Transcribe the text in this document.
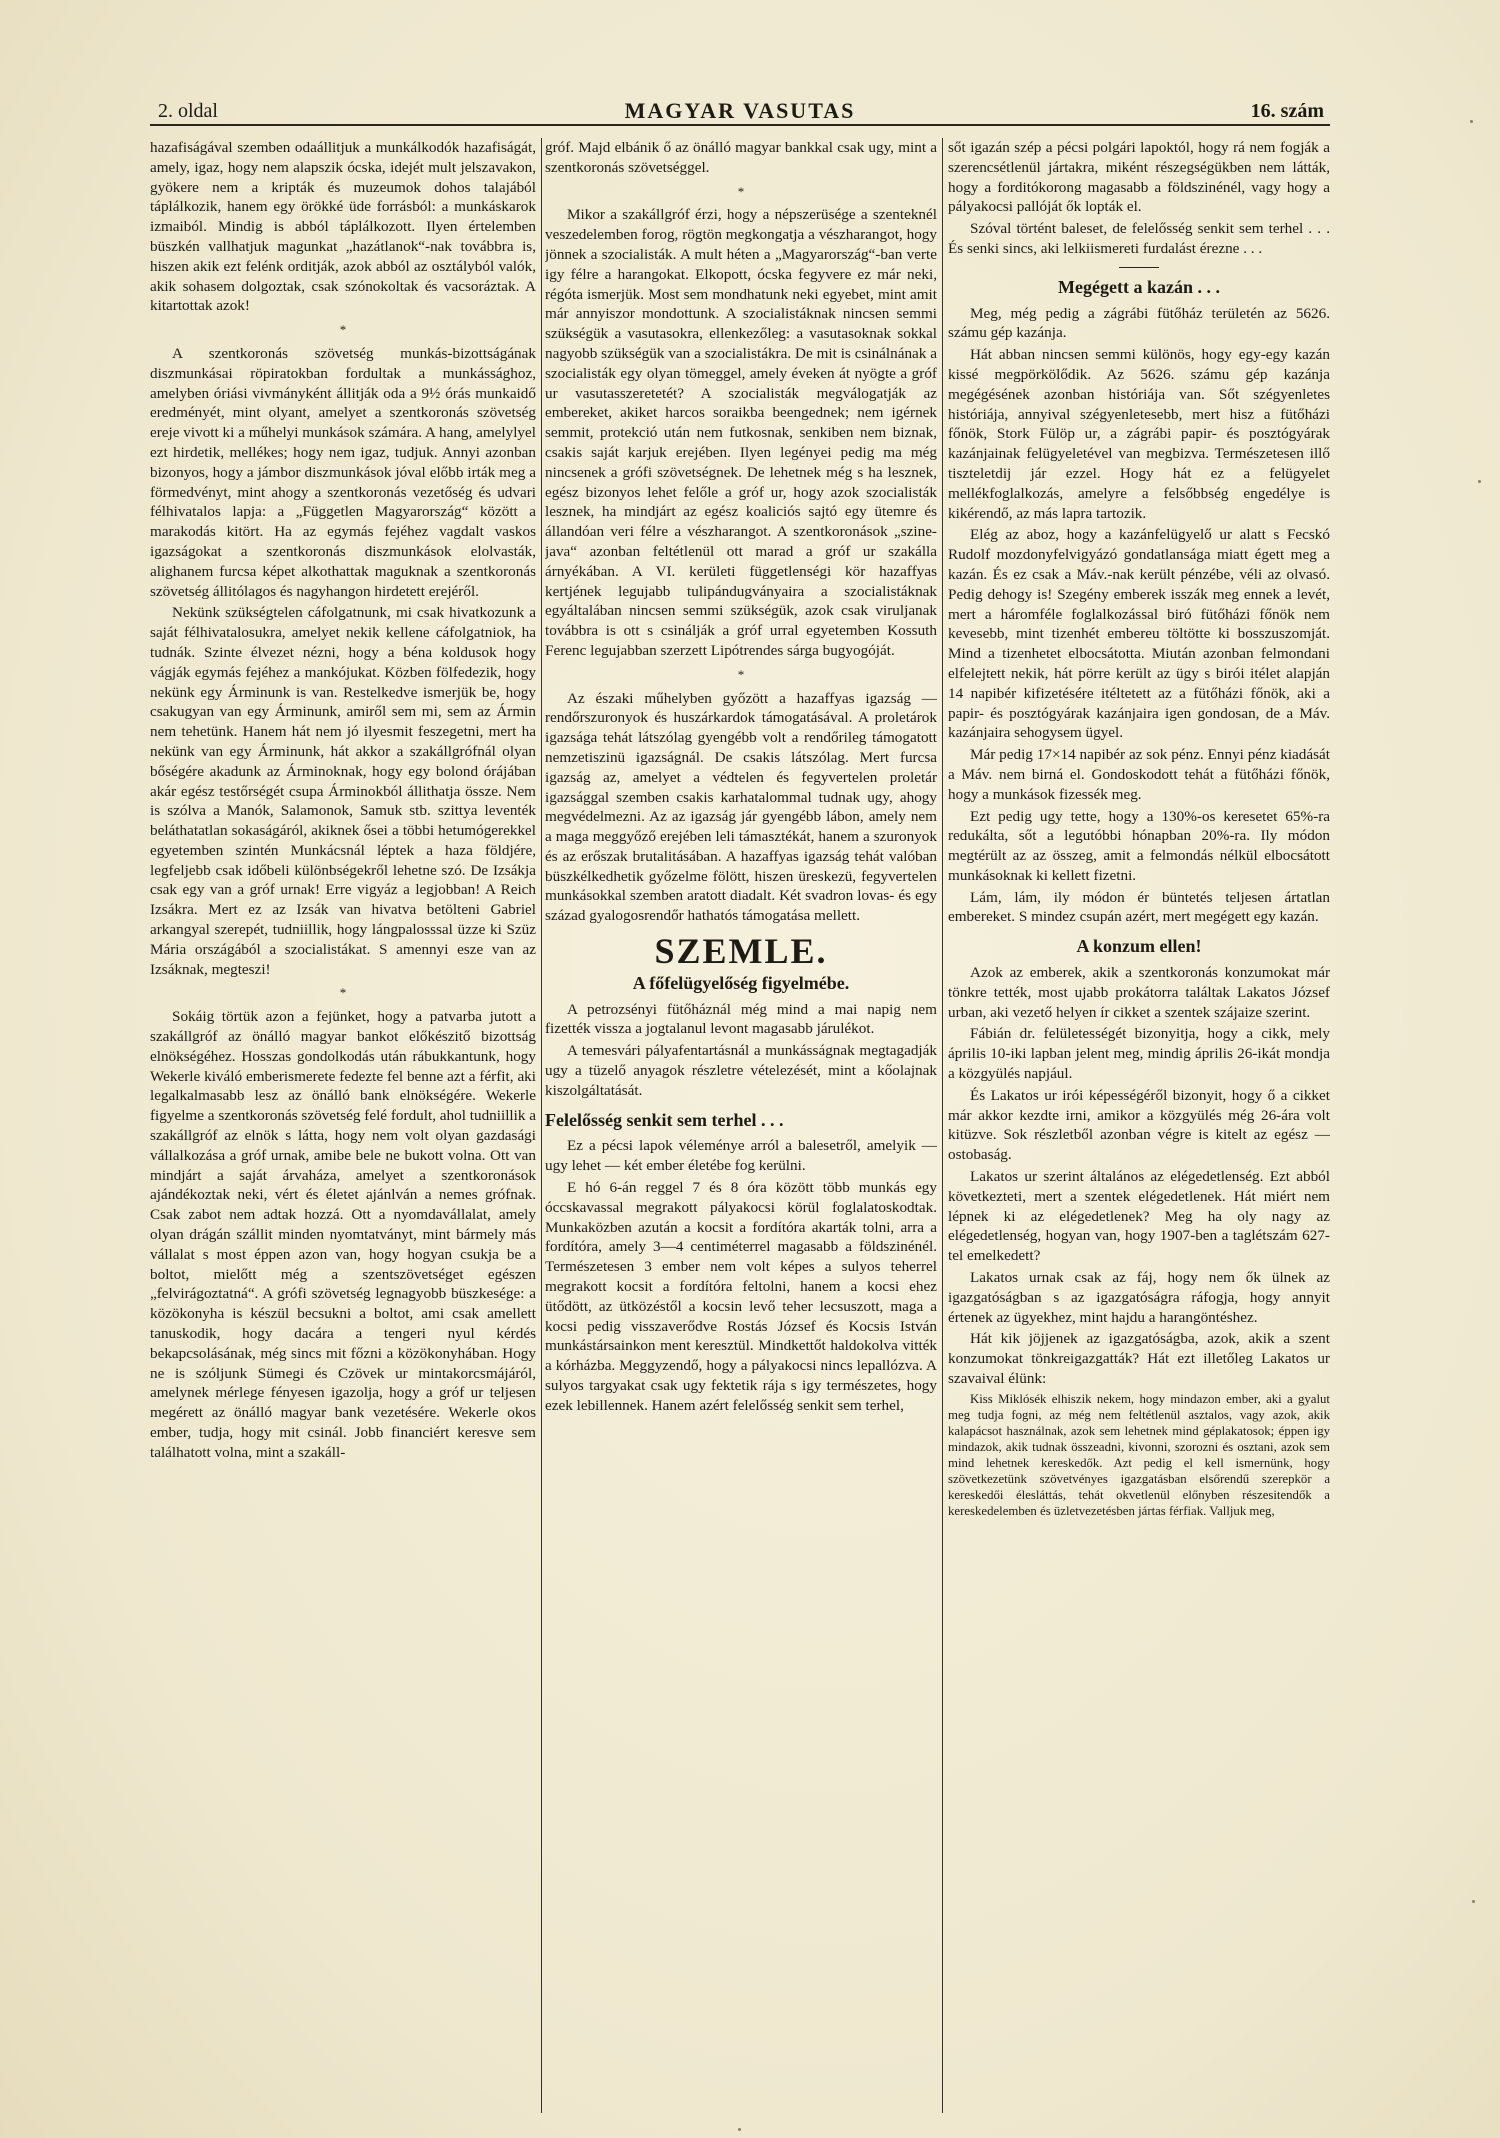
2. oldal	MAGYAR VASUTAS	16. szám

hazafiságával szemben odaállitjuk a munkálkodók hazafiságát, amely, igaz, hogy nem alapszik ócska, idejét mult jelszavakon, gyökere nem a kripták és muzeumok dohos talajából táplálkozik, hanem egy örökké üde forrásból: a munkáskarok izmaiból. Mindig is abból táplálkozott. Ilyen értelemben büszkén vallhatjuk magunkat „hazátlanok“-nak továbbra is, hiszen akik ezt felénk orditják, azok abból az osztályból valók, akik sohasem dolgoztak, csak szónokoltak és vacsoráztak. A kitartottak azok!

*

A szentkoronás szövetség munkás-bizottságának diszmunkásai röpiratokban fordultak a munkássághoz, amelyben óriási vivmányként állitják oda a 9½ órás munkaidő eredményét, mint olyant, amelyet a szentkoronás szövetség ereje vivott ki a műhelyi munkások számára. A hang, amelylyel ezt hirdetik, mellékes; hogy nem igaz, tudjuk. Annyi azonban bizonyos, hogy a jámbor diszmunkások jóval előbb irták meg a förmedvényt, mint ahogy a szentkoronás vezetőség és udvari félhivatalos lapja: a „Független Magyarország“ között a marakodás kitört. Ha az egymás fejéhez vagdalt vaskos igazságokat a szentkoronás diszmunkások elolvasták, alighanem furcsa képet alkothattak maguknak a szentkoronás szövetség állitólagos és nagyhangon hirdetett erejéről.

Nekünk szükségtelen cáfolgatnunk, mi csak hivatkozunk a saját félhivatalosukra, amelyet nekik kellene cáfolgatniok, ha tudnák. Szinte élvezet nézni, hogy a béna koldusok hogy vágják egymás fejéhez a mankójukat. Közben fölfedezik, hogy nekünk egy Árminunk is van. Restelkedve ismerjük be, hogy csakugyan van egy Árminunk, amiről sem mi, sem az Ármin nem tehetünk. Hanem hát nem jó ilyesmit feszegetni, mert ha nekünk van egy Árminunk, hát akkor a szakállgrófnál olyan bőségére akadunk az Árminoknak, hogy egy bolond órájában akár egész testőrségét csupa Árminokból állithatja össze. Nem is szólva a Manók, Salamonok, Samuk stb. szittya leventék beláthatatlan sokaságáról, akiknek ősei a többi hetumógerekkel egyetemben szintén Munkácsnál léptek a haza földjére, legfeljebb csak időbeli különbségekről lehetne szó. De Izsákja csak egy van a gróf urnak! Erre vigyáz a legjobban! A Reich Izsákra. Mert ez az Izsák van hivatva betölteni Gabriel arkangyal szerepét, tudniillik, hogy lángpalosssal üzze ki Szüz Mária országából a szocialistákat. S amennyi esze van az Izsáknak, megteszi!

*

Sokáig törtük azon a fejünket, hogy a patvarba jutott a szakállgróf az önálló magyar bankot előkészitő bizottság elnökségéhez. Hosszas gondolkodás után rábukkantunk, hogy Wekerle kiváló emberismerete fedezte fel benne azt a férfit, aki legalkalmasabb lesz az önálló bank elnökségére. Wekerle figyelme a szentkoronás szövetség felé fordult, ahol tudniillik a szakállgróf az elnök s látta, hogy nem volt olyan gazdasági vállalkozása a gróf urnak, amibe bele ne bukott volna. Ott van mindjárt a saját árvaháza, amelyet a szentkoronások ajándékoztak neki, vért és életet ajánlván a nemes grófnak. Csak zabot nem adtak hozzá. Ott a nyomdavállalat, amely olyan drágán szállit minden nyomtatványt, mint bármely más vállalat s most éppen azon van, hogy hogyan csukja be a boltot, mielőtt még a szentszövetséget egészen „felvirágoztatná“. A grófi szövetség legnagyobb büszkesége: a közökonyha is készül becsukni a boltot, ami csak amellett tanuskodik, hogy dacára a tengeri nyul kérdés bekapcsolásának, még sincs mit főzni a közökonyhában. Hogy ne is szóljunk Sümegi és Czövek ur mintakorcsmájáról, amelynek mérlege fényesen igazolja, hogy a gróf ur teljesen megérett az önálló magyar bank vezetésére. Wekerle okos ember, tudja, hogy mit csinál. Jobb financiért keresve sem találhatott volna, mint a szakáll-

gróf. Majd elbánik ő az önálló magyar bankkal csak ugy, mint a szentkoronás szövetséggel.

*

Mikor a szakállgróf érzi, hogy a népszerüsége a szenteknél veszedelemben forog, rögtön megkongatja a vészharangot, hogy jönnek a szocialisták. A mult héten a „Magyarország“-ban verte igy félre a harangokat. Elkopott, ócska fegyvere ez már neki, régóta ismerjük. Most sem mondhatunk neki egyebet, mint amit már annyiszor mondottunk. A szocialistáknak nincsen semmi szükségük a vasutasokra, ellenkezőleg: a vasutasoknak sokkal nagyobb szükségük van a szocialistákra. De mit is csinálnának a szocialisták egy olyan tömeggel, amely éveken át nyögte a gróf ur vasutasszeretetét? A szocialisták megválogatják az embereket, akiket harcos soraikba beengednek; nem igérnek semmit, protekció után nem futkosnak, senkiben nem biznak, csakis saját karjuk erejében. Ilyen legényei pedig ma még nincsenek a grófi szövetségnek. De lehetnek még s ha lesznek, egész bizonyos lehet felőle a gróf ur, hogy azok szocialisták lesznek, ha mindjárt az egész koaliciós sajtó egy ütemre és állandóan veri félre a vészharangot. A szentkoronások „szine-java“ azonban feltétlenül ott marad a gróf ur szakálla árnyékában. A VI. kerületi függetlenségi kör hazaffyas kertjének legujabb tulipándugványaira a szocialistáknak egyáltalában nincsen semmi szükségük, azok csak viruljanak továbbra is ott s csinálják a gróf urral egyetemben Kossuth Ferenc legujabban szerzett Lipótrendes sárga bugyogóját.

*

Az északi műhelyben győzött a hazaffyas igazság — rendőrszuronyok és huszárkardok támogatásával. A proletárok igazsága tehát látszólag gyengébb volt a rendőrileg támogatott nemzetiszinü igazságnál. De csakis látszólag. Mert furcsa igazság az, amelyet a védtelen és fegyvertelen proletár igazsággal szemben csakis karhatalommal tudnak ugy, ahogy megvédelmezni. Az az igazság jár gyengébb lábon, amely nem a maga meggyőző erejében leli támasztékát, hanem a szuronyok és az erőszak brutalitásában. A hazaffyas igazság tehát valóban büszkélkedhetik győzelme fölött, hiszen üreskezü, fegyvertelen munkásokkal szemben aratott diadalt. Két svadron lovas- és egy század gyalogosrendőr hathatós támogatása mellett.

SZEMLE.
A főfelügyelőség figyelmébe.

A petrozsényi fütőháznál még mind a mai napig nem fizették vissza a jogtalanul levont magasabb járulékot.

A temesvári pályafentartásnál a munkásságnak megtagadják ugy a tüzelő anyagok részletre vételezését, mint a kőolajnak kiszolgáltatását.

Felelősség senkit sem terhel . . .

Ez a pécsi lapok véleménye arról a balesetről, amelyik — ugy lehet — két ember életébe fog kerülni.

E hó 6-án reggel 7 és 8 óra között több munkás egy óccskavassal megrakott pályakocsi körül foglalatoskodtak. Munkaközben azután a kocsit a fordítóra akarták tolni, arra a fordítóra, amely 3—4 centiméterrel magasabb a földszinénél. Természetesen 3 ember nem volt képes a sulyos teherrel megrakott kocsit a fordítóra feltolni, hanem a kocsi ehez ütődött, az ütközéstől a kocsin levő teher lecsuszott, maga a kocsi pedig visszaverődve Rostás József és Kocsis István munkástársainkon ment keresztül. Mindkettőt haldokolva vitték a kórházba. Meggyzendő, hogy a pályakocsi nincs lepallózva. A sulyos targyakat csak ugy fektetik rája s igy természetes, hogy ezek lebillennek. Hanem azért felelősség senkit sem terhel,

sőt igazán szép a pécsi polgári lapoktól, hogy rá nem fogják a szerencsétlenül jártakra, miként részegségükben nem látták, hogy a forditókorong magasabb a földszinénél, vagy hogy a pályakocsi pallóját ők lopták el.

Szóval történt baleset, de felelősség senkit sem terhel . . . És senki sincs, aki lelkiismereti furdalást érezne . . .

Megégett a kazán . . .

Meg, még pedig a zágrábi fütőház területén az 5626. számu gép kazánja.

Hát abban nincsen semmi különös, hogy egy-egy kazán kissé megpörkölődik. Az 5626. számu gép kazánja megégésének azonban históriája van. Sőt szégyenletes históriája, annyival szégyenletesebb, mert hisz a fütőházi főnök, Stork Fülöp ur, a zágrábi papir- és posztógyárak kazánjainak felügyeletével van megbizva. Természetesen illő tiszteletdij jár ezzel. Hogy hát ez a felügyelet mellékfoglalkozás, amelyre a felsőbbség engedélye is kikérendő, az más lapra tartozik.

Elég az aboz, hogy a kazánfelügyelő ur alatt s Fecskó Rudolf mozdonyfelvigyázó gondatlansága miatt égett meg a kazán. És ez csak a Máv.-nak került pénzébe, véli az olvasó. Pedig dehogy is! Szegény emberek isszák meg ennek a levét, mert a háromféle foglalkozással biró fütőházi főnök nem kevesebb, mint tizenhét embereu töltötte ki bosszuszomját. Mind a tizenhetet elbocsátotta. Miután azonban felmondani elfelejtett nekik, hát pörre került az ügy s birói itélet alapján 14 napibér kifizetésére itéltetett az a fütőházi főnök, aki a papir- és posztógyárak kazánjaira igen gondosan, de a Máv. kazánjaira sehogysem ügyel.

Már pedig 17×14 napibér az sok pénz. Ennyi pénz kiadását a Máv. nem birná el. Gondoskodott tehát a fütőházi főnök, hogy a munkások fizessék meg.

Ezt pedig ugy tette, hogy a 130%-os keresetet 65%-ra redukálta, sőt a legutóbbi hónapban 20%-ra. Ily módon megtérült az az összeg, amit a felmondás nélkül elbocsátott munkásoknak ki kellett fizetni.

Lám, lám, ily módon ér büntetés teljesen ártatlan embereket. S mindez csupán azért, mert megégett egy kazán.

A konzum ellen!

Azok az emberek, akik a szentkoronás konzumokat már tönkre tették, most ujabb prokátorra találtak Lakatos József urban, aki vezető helyen ír cikket a szentek szájaize szerint.

Fábián dr. felületességét bizonyitja, hogy a cikk, mely április 10-iki lapban jelent meg, mindig április 26-ikát mondja a közgyülés napjául.

És Lakatos ur irói képességéről bizonyit, hogy ő a cikket már akkor kezdte irni, amikor a közgyülés még 26-ára volt kitüzve. Sok részletből azonban végre is kitelt az egész — ostobaság.

Lakatos ur szerint általános az elégedetlenség. Ezt abból következteti, mert a szentek elégedetlenek. Hát miért nem lépnek ki az elégedetlenek? Meg ha oly nagy az elégedetlenség, hogyan van, hogy 1907-ben a taglétszám 627-tel emelkedett?

Lakatos urnak csak az fáj, hogy nem ők ülnek az igazgatóságban s az igazgatóságra ráfogja, hogy annyit értenek az ügyekhez, mint hajdu a harangöntéshez.

Hát kik jöjjenek az igazgatóságba, azok, akik a szent konzumokat tönkreigazgatták? Hát ezt illetőleg Lakatos ur szavaival élünk:

Kiss Miklósék elhiszik nekem, hogy mindazon ember, aki a gyalut meg tudja fogni, az még nem feltétlenül asztalos, vagy azok, akik kalapácsot használnak, azok sem lehetnek mind géplakatosok; éppen igy mindazok, akik tudnak összeadni, kivonni, szorozni és osztani, azok sem mind lehetnek kereskedők. Azt pedig el kell ismernünk, hogy szövetkezetünk szövetvényes igazgatásban elsőrendű szerepkör a kereskedői élesláttás, tehát okvetlenül előnyben részesitendők a kereskedelemben és üzletvezetésben jártas férfiak. Valljuk meg,
